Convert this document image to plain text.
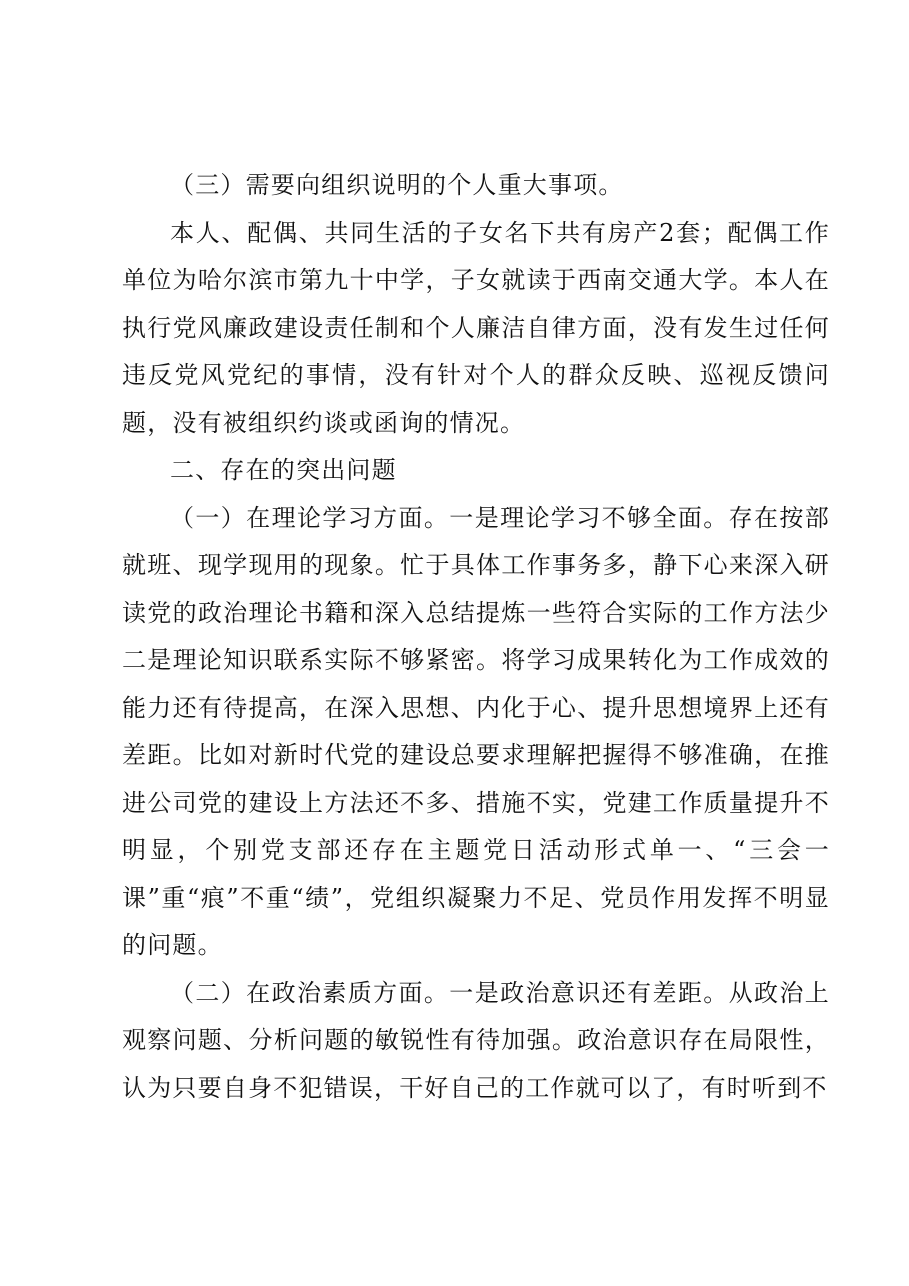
（三）需要向组织说明的个人重大事项。

本人、配偶、共同生活的子女名下共有房产2套；配偶工作单位为哈尔滨市第九十中学，子女就读于西南交通大学。本人在执行党风廉政建设责任制和个人廉洁自律方面，没有发生过任何违反党风党纪的事情，没有针对个人的群众反映、巡视反馈问题，没有被组织约谈或函询的情况。

二、存在的突出问题

（一）在理论学习方面。一是理论学习不够全面。存在按部就班、现学现用的现象。忙于具体工作事务多，静下心来深入研读党的政治理论书籍和深入总结提炼一些符合实际的工作方法少二是理论知识联系实际不够紧密。将学习成果转化为工作成效的能力还有待提高，在深入思想、内化于心、提升思想境界上还有差距。比如对新时代党的建设总要求理解把握得不够准确，在推进公司党的建设上方法还不多、措施不实，党建工作质量提升不明显，个别党支部还存在主题党日活动形式单一、“三会一课”重“痕”不重“绩”，党组织凝聚力不足、党员作用发挥不明显的问题。

（二）在政治素质方面。一是政治意识还有差距。从政治上观察问题、分析问题的敏锐性有待加强。政治意识存在局限性，认为只要自身不犯错误，干好自己的工作就可以了，有时听到不
